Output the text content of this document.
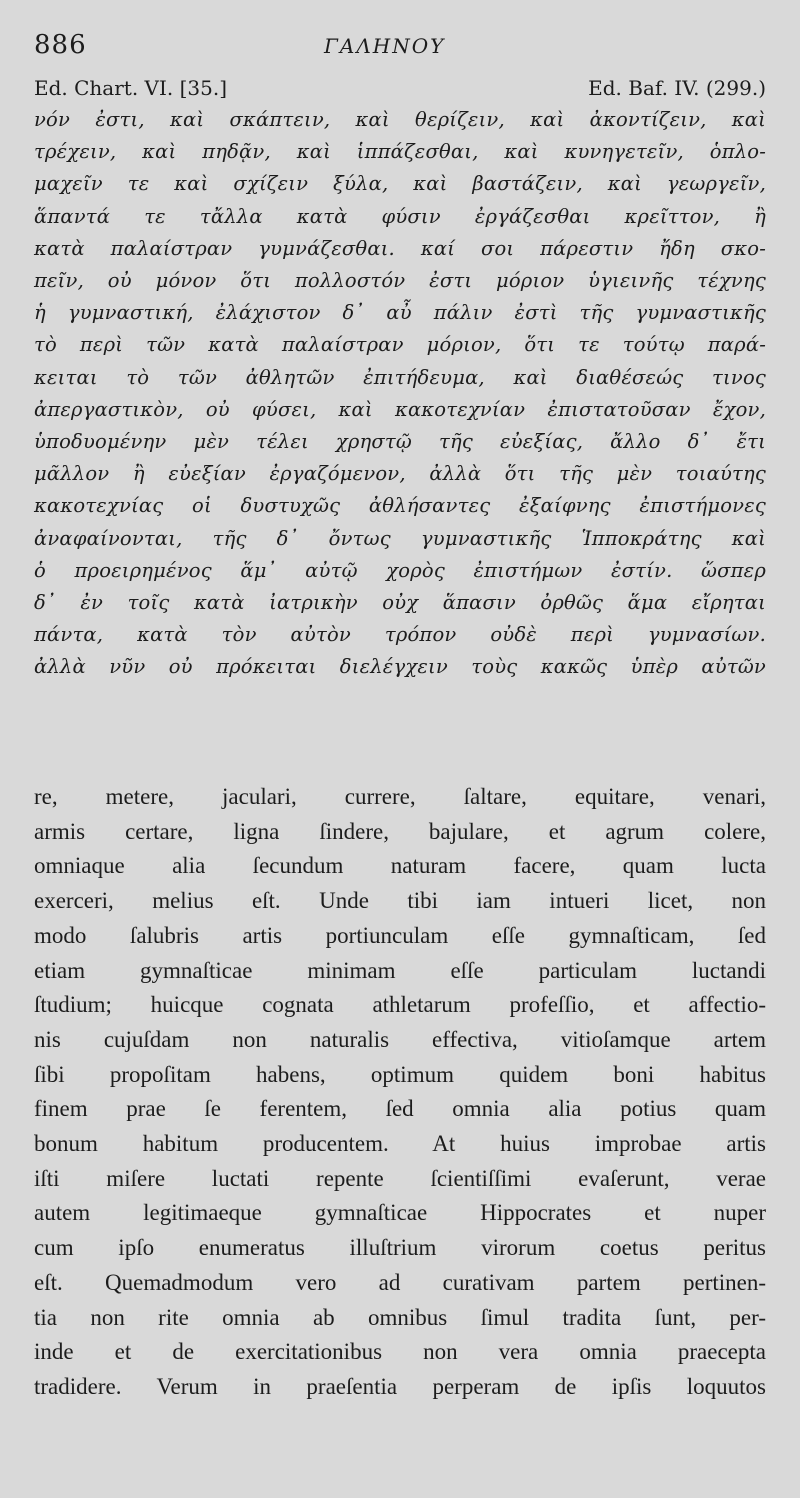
886	ΓΑΛΗΝΟΥ
Ed. Chart. VI. [35.]	Ed. Baf. IV. (299.)
νόν ἐστι, καὶ σκάπτειν, καὶ θερίζειν, καὶ ἀκοντίζειν, καὶ
τρέχειν, καὶ πηδᾷν, καὶ ἱππάζεσθαι, καὶ κυνηγετεῖν, ὁπλο-
μαχεῖν τε καὶ σχίζειν ξύλα, καὶ βαστάζειν, καὶ γεωργεῖν,
ἅπαντά τε τἄλλα κατὰ φύσιν ἐργάζεσθαι κρεῖττον, ἢ
κατὰ παλαίστραν γυμνάζεσθαι. καί σοι πάρεστιν ἤδη σκο-
πεῖν, οὐ μόνον ὅτι πολλοστόν ἐστι μόριον ὑγιεινῆς τέχνης
ἡ γυμναστική, ἐλάχιστον δ᾽ αὖ πάλιν ἐστὶ τῆς γυμναστικῆς
τὸ περὶ τῶν κατὰ παλαίστραν μόριον, ὅτι τε τούτῳ παρά-
κειται τὸ τῶν ἀθλητῶν ἐπιτήδευμα, καὶ διαθέσεώς τινος
ἀπεργαστικὸν, οὐ φύσει, καὶ κακοτεχνίαν ἐπιστατοῦσαν ἔχον,
ὑποδυομένην μὲν τέλει χρηστῷ τῆς εὐεξίας, ἄλλο δ᾽ ἔτι
μᾶλλον ἢ εὐεξίαν ἐργαζόμενον, ἀλλὰ ὅτι τῆς μὲν τοιαύτης
κακοτεχνίας οἱ δυστυχῶς ἀθλήσαντες ἐξαίφνης ἐπιστήμονες
ἀναφαίνονται, τῆς δ᾽ ὄντως γυμναστικῆς Ἱπποκράτης καὶ
ὁ προειρημένος ἅμ᾽ αὐτῷ χορὸς ἐπιστήμων ἐστίν. ὥσπερ
δ᾽ ἐν τοῖς κατὰ ἰατρικὴν οὐχ ἅπασιν ὀρθῶς ἅμα εἴρηται
πάντα, κατὰ τὸν αὐτὸν τρόπον οὐδὲ περὶ γυμνασίων.
ἀλλὰ νῦν οὐ πρόκειται διελέγχειν τοὺς κακῶς ὑπὲρ αὐτῶν
re, metere, jaculari, currere, ſaltare, equitare, venari,
armis certare, ligna ſindere, bajulare, et agrum colere,
omniaque alia ſecundum naturam facere, quam lucta
exerceri, melius eſt. Unde tibi iam intueri licet, non
modo ſalubris artis portiunculam eſſe gymnaſticam, ſed
etiam gymnaſticae minimam eſſe particulam luctandi
ſtudium; huicque cognata athletarum profeſſio, et affectio-
nis cujuſdam non naturalis effectiva, vitioſamque artem
ſibi propoſitam habens, optimum quidem boni habitus
finem prae ſe ferentem, ſed omnia alia potius quam
bonum habitum producentem. At huius improbae artis
iſti miſere luctati repente ſcientiſſimi evaſerunt, verae
autem legitimaeque gymnaſticae Hippocrates et nuper
cum ipſo enumeratus illuſtrium virorum coetus peritus
eſt. Quemadmodum vero ad curativam partem pertinen-
tia non rite omnia ab omnibus ſimul tradita ſunt, per-
inde et de exercitationibus non vera omnia praecepta
tradidere. Verum in praeſentia perperam de ipſis loquutos
